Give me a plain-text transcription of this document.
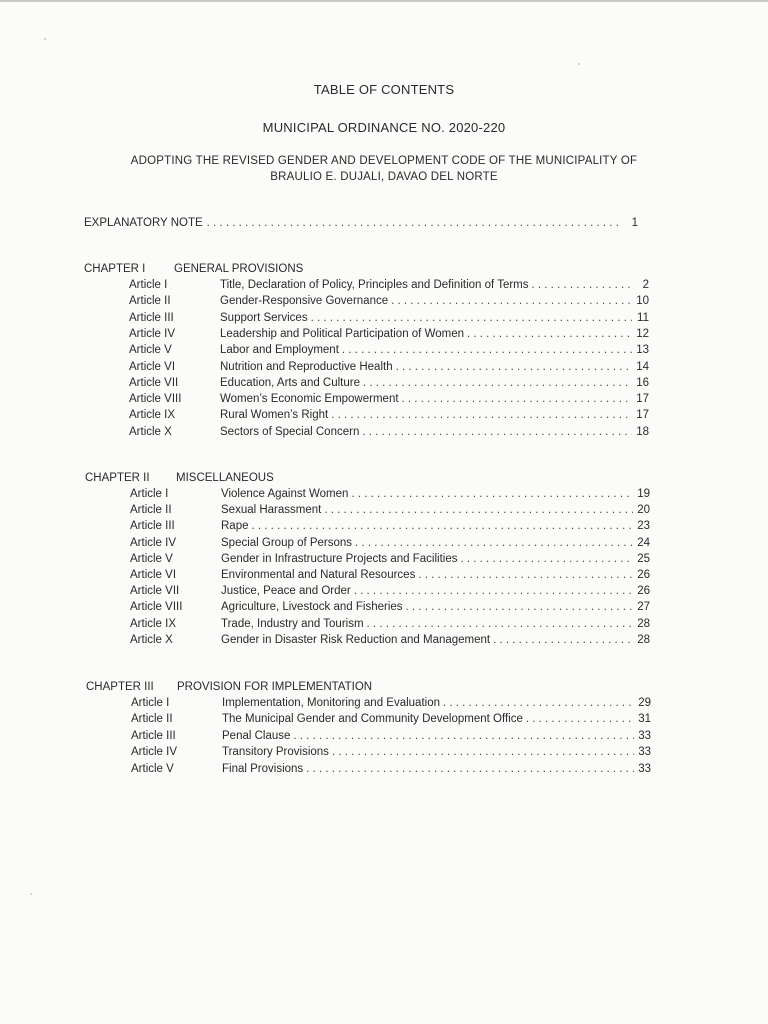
TABLE OF CONTENTS
MUNICIPAL ORDINANCE NO. 2020-220
ADOPTING THE REVISED GENDER AND DEVELOPMENT CODE OF THE MUNICIPALITY OF
BRAULIO E. DUJALI, DAVAO DEL NORTE
EXPLANATORY NOTE . . .	1
CHAPTER I GENERAL PROVISIONS
Article I	Title, Declaration of Policy, Principles and Definition of Terms . . .	2
Article II	Gender-Responsive Governance . . .	10
Article III	Support Services . . .	11
Article IV	Leadership and Political Participation of Women . . .	12
Article V	Labor and Employment . . .	13
Article VI	Nutrition and Reproductive Health . . .	14
Article VII	Education, Arts and Culture . . .	16
Article VIII	Women’s Economic Empowerment . . .	17
Article IX	Rural Women’s Right . . .	17
Article X	Sectors of Special Concern . . .	18
CHAPTER II MISCELLANEOUS
Article I	Violence Against Women . . .	19
Article II	Sexual Harassment . . .	20
Article III	Rape . . .	23
Article IV	Special Group of Persons . . .	24
Article V	Gender in Infrastructure Projects and Facilities . . .	25
Article VI	Environmental and Natural Resources . . .	26
Article VII	Justice, Peace and Order . . .	26
Article VIII	Agriculture, Livestock and Fisheries . . .	27
Article IX	Trade, Industry and Tourism . . .	28
Article X	Gender in Disaster Risk Reduction and Management . . .	28
CHAPTER III PROVISION FOR IMPLEMENTATION
Article I	Implementation, Monitoring and Evaluation . . .	29
Article II	The Municipal Gender and Community Development Office . . .	31
Article III	Penal Clause . . .	33
Article IV	Transitory Provisions . . .	33
Article V	Final Provisions . . .	33
